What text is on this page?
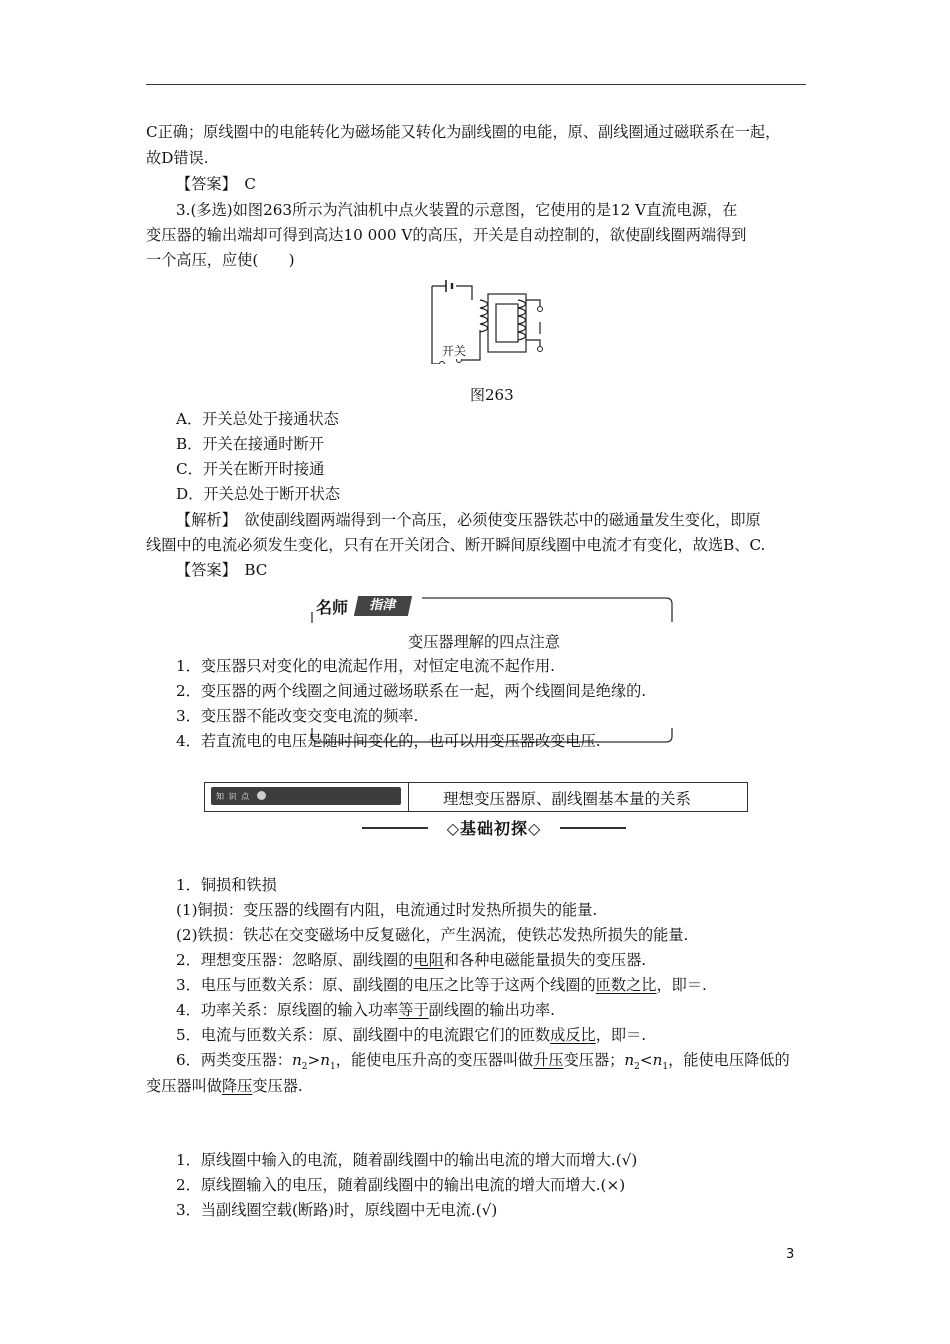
C正确；原线圈中的电能转化为磁场能又转化为副线圈的电能，原、副线圈通过磁联系在一起，
故D错误.
【答案】　C
3.(多选)如图263所示为汽油机中点火装置的示意图，它使用的是12 V直流电源，在
变压器的输出端却可得到高达10 000 V的高压，开关是自动控制的，欲使副线圈两端得到
一个高压，应使(　　)
开关
图263
A．开关总处于接通状态
B．开关在接通时断开
C．开关在断开时接通
D．开关总处于断开状态
【解析】　欲使副线圈两端得到一个高压，必须使变压器铁芯中的磁通量发生变化，即原
线圈中的电流必须发生变化，只有在开关闭合、断开瞬间原线圈中电流才有变化，故选B、C.
【答案】　BC
名师	指津
变压器理解的四点注意
1．变压器只对变化的电流起作用，对恒定电流不起作用.
2．变压器的两个线圈之间通过磁场联系在一起，两个线圈间是绝缘的.
3．变压器不能改变交变电流的频率.
4．若直流电的电压是随时间变化的，也可以用变压器改变电压.
知 识 点	理想变压器原、副线圈基本量的关系
◇基础初探◇
1．铜损和铁损
(1)铜损：变压器的线圈有内阻，电流通过时发热所损失的能量.
(2)铁损：铁芯在交变磁场中反复磁化，产生涡流，使铁芯发热所损失的能量.
2．理想变压器：忽略原、副线圈的电阻和各种电磁能量损失的变压器.
3．电压与匝数关系：原、副线圈的电压之比等于这两个线圈的匝数之比，即＝.
4．功率关系：原线圈的输入功率等于副线圈的输出功率.
5．电流与匝数关系：原、副线圈中的电流跟它们的匝数成反比，即＝.
6．两类变压器：$n_2>n_1$，能使电压升高的变压器叫做升压变压器；$n_2<n_1$，能使电压降低的
变压器叫做降压变压器.
1．原线圈中输入的电流，随着副线圈中的输出电流的增大而增大.(√)
2．原线圈输入的电压，随着副线圈中的输出电流的增大而增大.(×)
3．当副线圈空载(断路)时，原线圈中无电流.(√)
3
